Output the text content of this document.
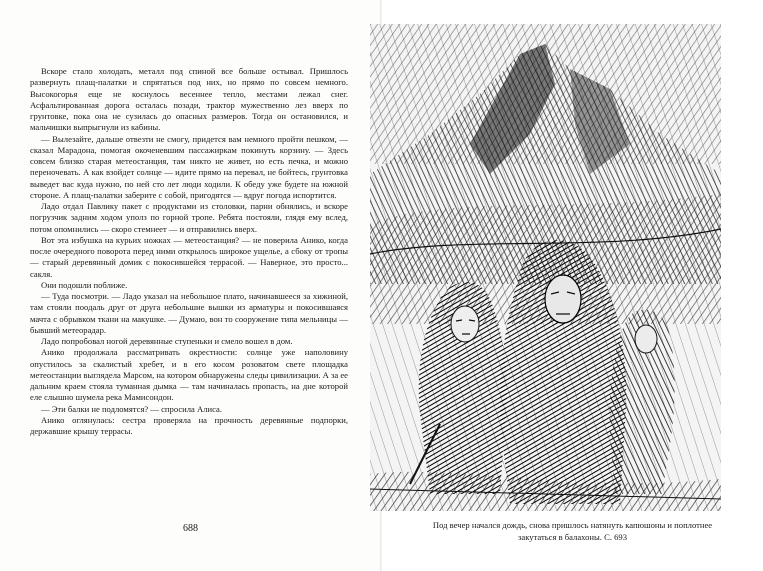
Вскоре стало холодать, металл под спиной все больше остывал. Пришлось развернуть плащ-палатки и спрятаться под них, но прямо по совсем немного. Высокогорья еще не коснулось весеннее тепло, местами лежал снег. Асфальтированная дорога осталась позади, трактор мужественно лез вверх по грунтовке, пока она не сузилась до опасных размеров. Тогда он остановился, и мальчишки выпрыгнули из кабины.

— Вылезайте, дальше отвезти не смогу, придется вам немного пройти пешком, — сказал Марадона, помогая окоченевшим пассажиркам покинуть корзину. — Здесь совсем близко старая метеостанция, там никто не живет, но есть печка, и можно переночевать. А как взойдет солнце — идите прямо на перевал, не бойтесь, грунтовка выведет вас куда нужно, по ней сто лет люди ходили. К обеду уже будете на южной стороне. А плащ-палатки заберите с собой, пригодятся — вдруг погода испортится.

Ладо отдал Павлику пакет с продуктами из столовки, парни обнялись, и вскоре погрузчик задним ходом уполз по горной тропе. Ребята постояли, глядя ему вслед, потом опомнились — скоро стемнеет — и отправились вверх.

Вот эта избушка на курьих ножках — метеостанция? — не поверила Анико, когда после очередного поворота перед ними открылось широкое ущелье, а сбоку от тропы — старый деревянный домик с покосившейся террасой. — Наверное, это просто... сакля.

Они подошли поближе.

— Туда посмотри. — Ладо указал на небольшое плато, начинавшееся за хижиной, там стояли поодаль друг от друга небольшие вышки из арматуры и покосившаяся мачта с обрывком ткани на макушке. — Думаю, вон то сооружение типа мельницы — бывший метеорадар.

Ладо попробовал ногой деревянные ступеньки и смело вошел в дом.

Анико продолжала рассматривать окрестности: солнце уже наполовину опустилось за скалистый хребет, и в его косом розоватом свете площадка метеостанции выглядела Марсом, на котором обнаружены следы цивилизации. А за ее дальним краем стояла туманная дымка — там начиналась пропасть, на дне которой еле слышно шумела река Мамисондон.

— Эти балки не подломятся? — спросила Алиса.

Анико оглянулась: сестра проверяла на прочность деревянные подпорки, державшие крышу террасы.

688	Под вечер начался дождь, снова пришлось натянуть капюшоны и поплотнее
закутаться в балахоны. С. 693
